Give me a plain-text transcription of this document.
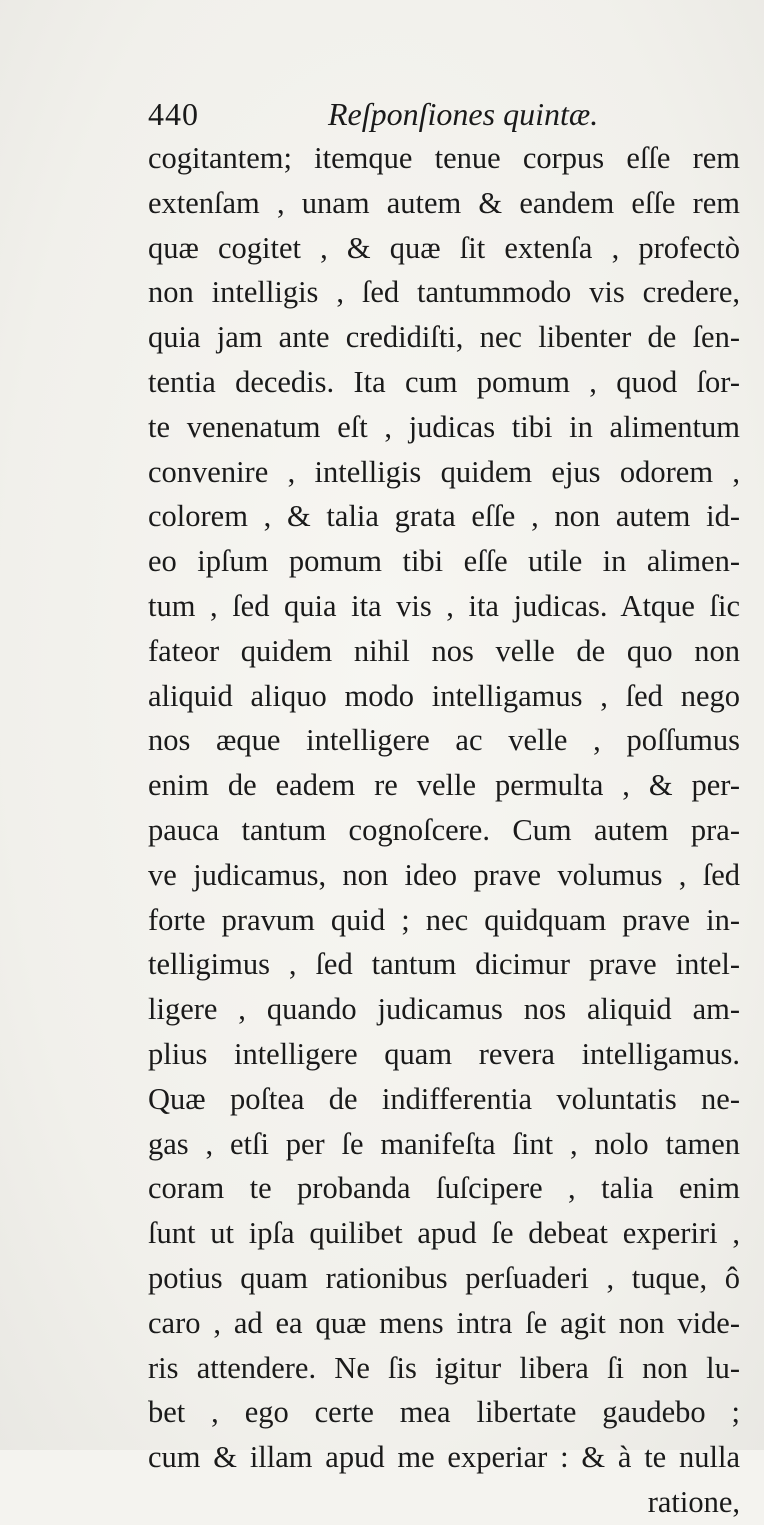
440	Reſponſiones quintæ.
cogitantem; itemque tenue corpus eſſe rem
extenſam , unam autem & eandem eſſe rem
quæ cogitet , & quæ ſit extenſa , profectò
non intelligis , ſed tantummodo vis credere,
quia jam ante credidiſti, nec libenter de ſen-
tentia decedis. Ita cum pomum , quod ſor-
te venenatum eſt , judicas tibi in alimentum
convenire , intelligis quidem ejus odorem ,
colorem , & talia grata eſſe , non autem id-
eo ipſum pomum tibi eſſe utile in alimen-
tum , ſed quia ita vis , ita judicas. Atque ſic
fateor quidem nihil nos velle de quo non
aliquid aliquo modo intelligamus , ſed nego
nos æque intelligere ac velle , poſſumus
enim de eadem re velle permulta , & per-
pauca tantum cognoſcere. Cum autem pra-
ve judicamus, non ideo prave volumus , ſed
forte pravum quid ; nec quidquam prave in-
telligimus , ſed tantum dicimur prave intel-
ligere , quando judicamus nos aliquid am-
plius intelligere quam revera intelligamus.
Quæ poſtea de indifferentia voluntatis ne-
gas , etſi per ſe manifeſta ſint , nolo tamen
coram te probanda ſuſcipere , talia enim
ſunt ut ipſa quilibet apud ſe debeat experiri ,
potius quam rationibus perſuaderi , tuque, ô
caro , ad ea quæ mens intra ſe agit non vide-
ris attendere. Ne ſis igitur libera ſi non lu-
bet , ego certe mea libertate gaudebo ;
cum & illam apud me experiar : & à te nulla
ratione,
